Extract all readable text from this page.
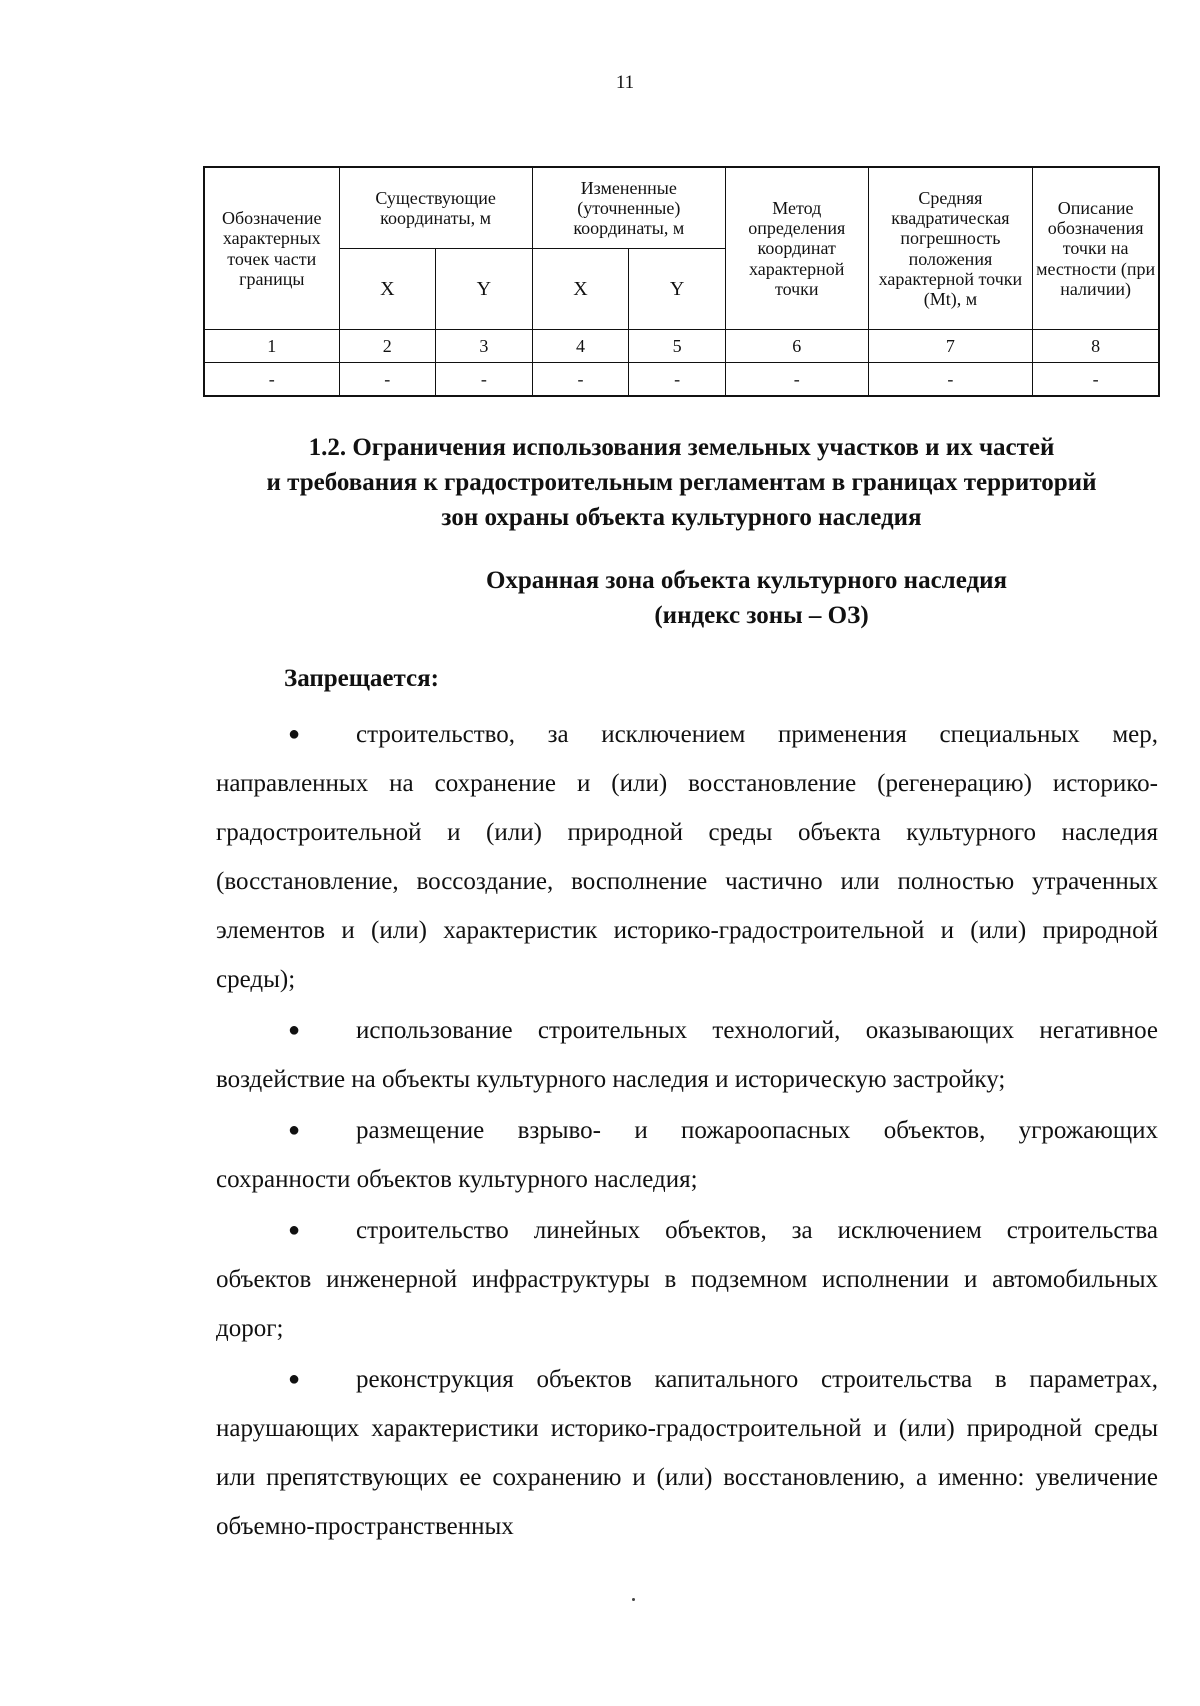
11
Обозначение характерных точек части границы	Существующие координаты, м		Измененные (уточненные) координаты, м		Метод определения координат характерной точки	Средняя квадратическая погрешность положения характерной точки (Mt), м	Описание обозначения точки на местности (при наличии)
	X	Y	X	Y			
1	2	3	4	5	6	7	8
-	-	-	-	-	-	-	-
1.2. Ограничения использования земельных участков и их частей
и требования к градостроительным регламентам в границах территорий
зон охраны объекта культурного наследия
Охранная зона объекта культурного наследия
(индекс зоны – ОЗ)

Запрещается:

● строительство, за исключением применения специальных мер, направленных на сохранение и (или) восстановление (регенерацию) историко-градостроительной и (или) природной среды объекта культурного наследия (восстановление, воссоздание, восполнение частично или полностью утраченных элементов и (или) характеристик историко-градостроительной и (или) природной среды);
● использование строительных технологий, оказывающих негативное воздействие на объекты культурного наследия и историческую застройку;
● размещение взрыво- и пожароопасных объектов, угрожающих сохранности объектов культурного наследия;
● строительство линейных объектов, за исключением строительства объектов инженерной инфраструктуры в подземном исполнении и автомобильных дорог;
● реконструкция объектов капитального строительства в параметрах, нарушающих характеристики историко-градостроительной и (или) природной среды или препятствующих ее сохранению и (или) восстановлению, а именно: увеличение объемно-пространственных
